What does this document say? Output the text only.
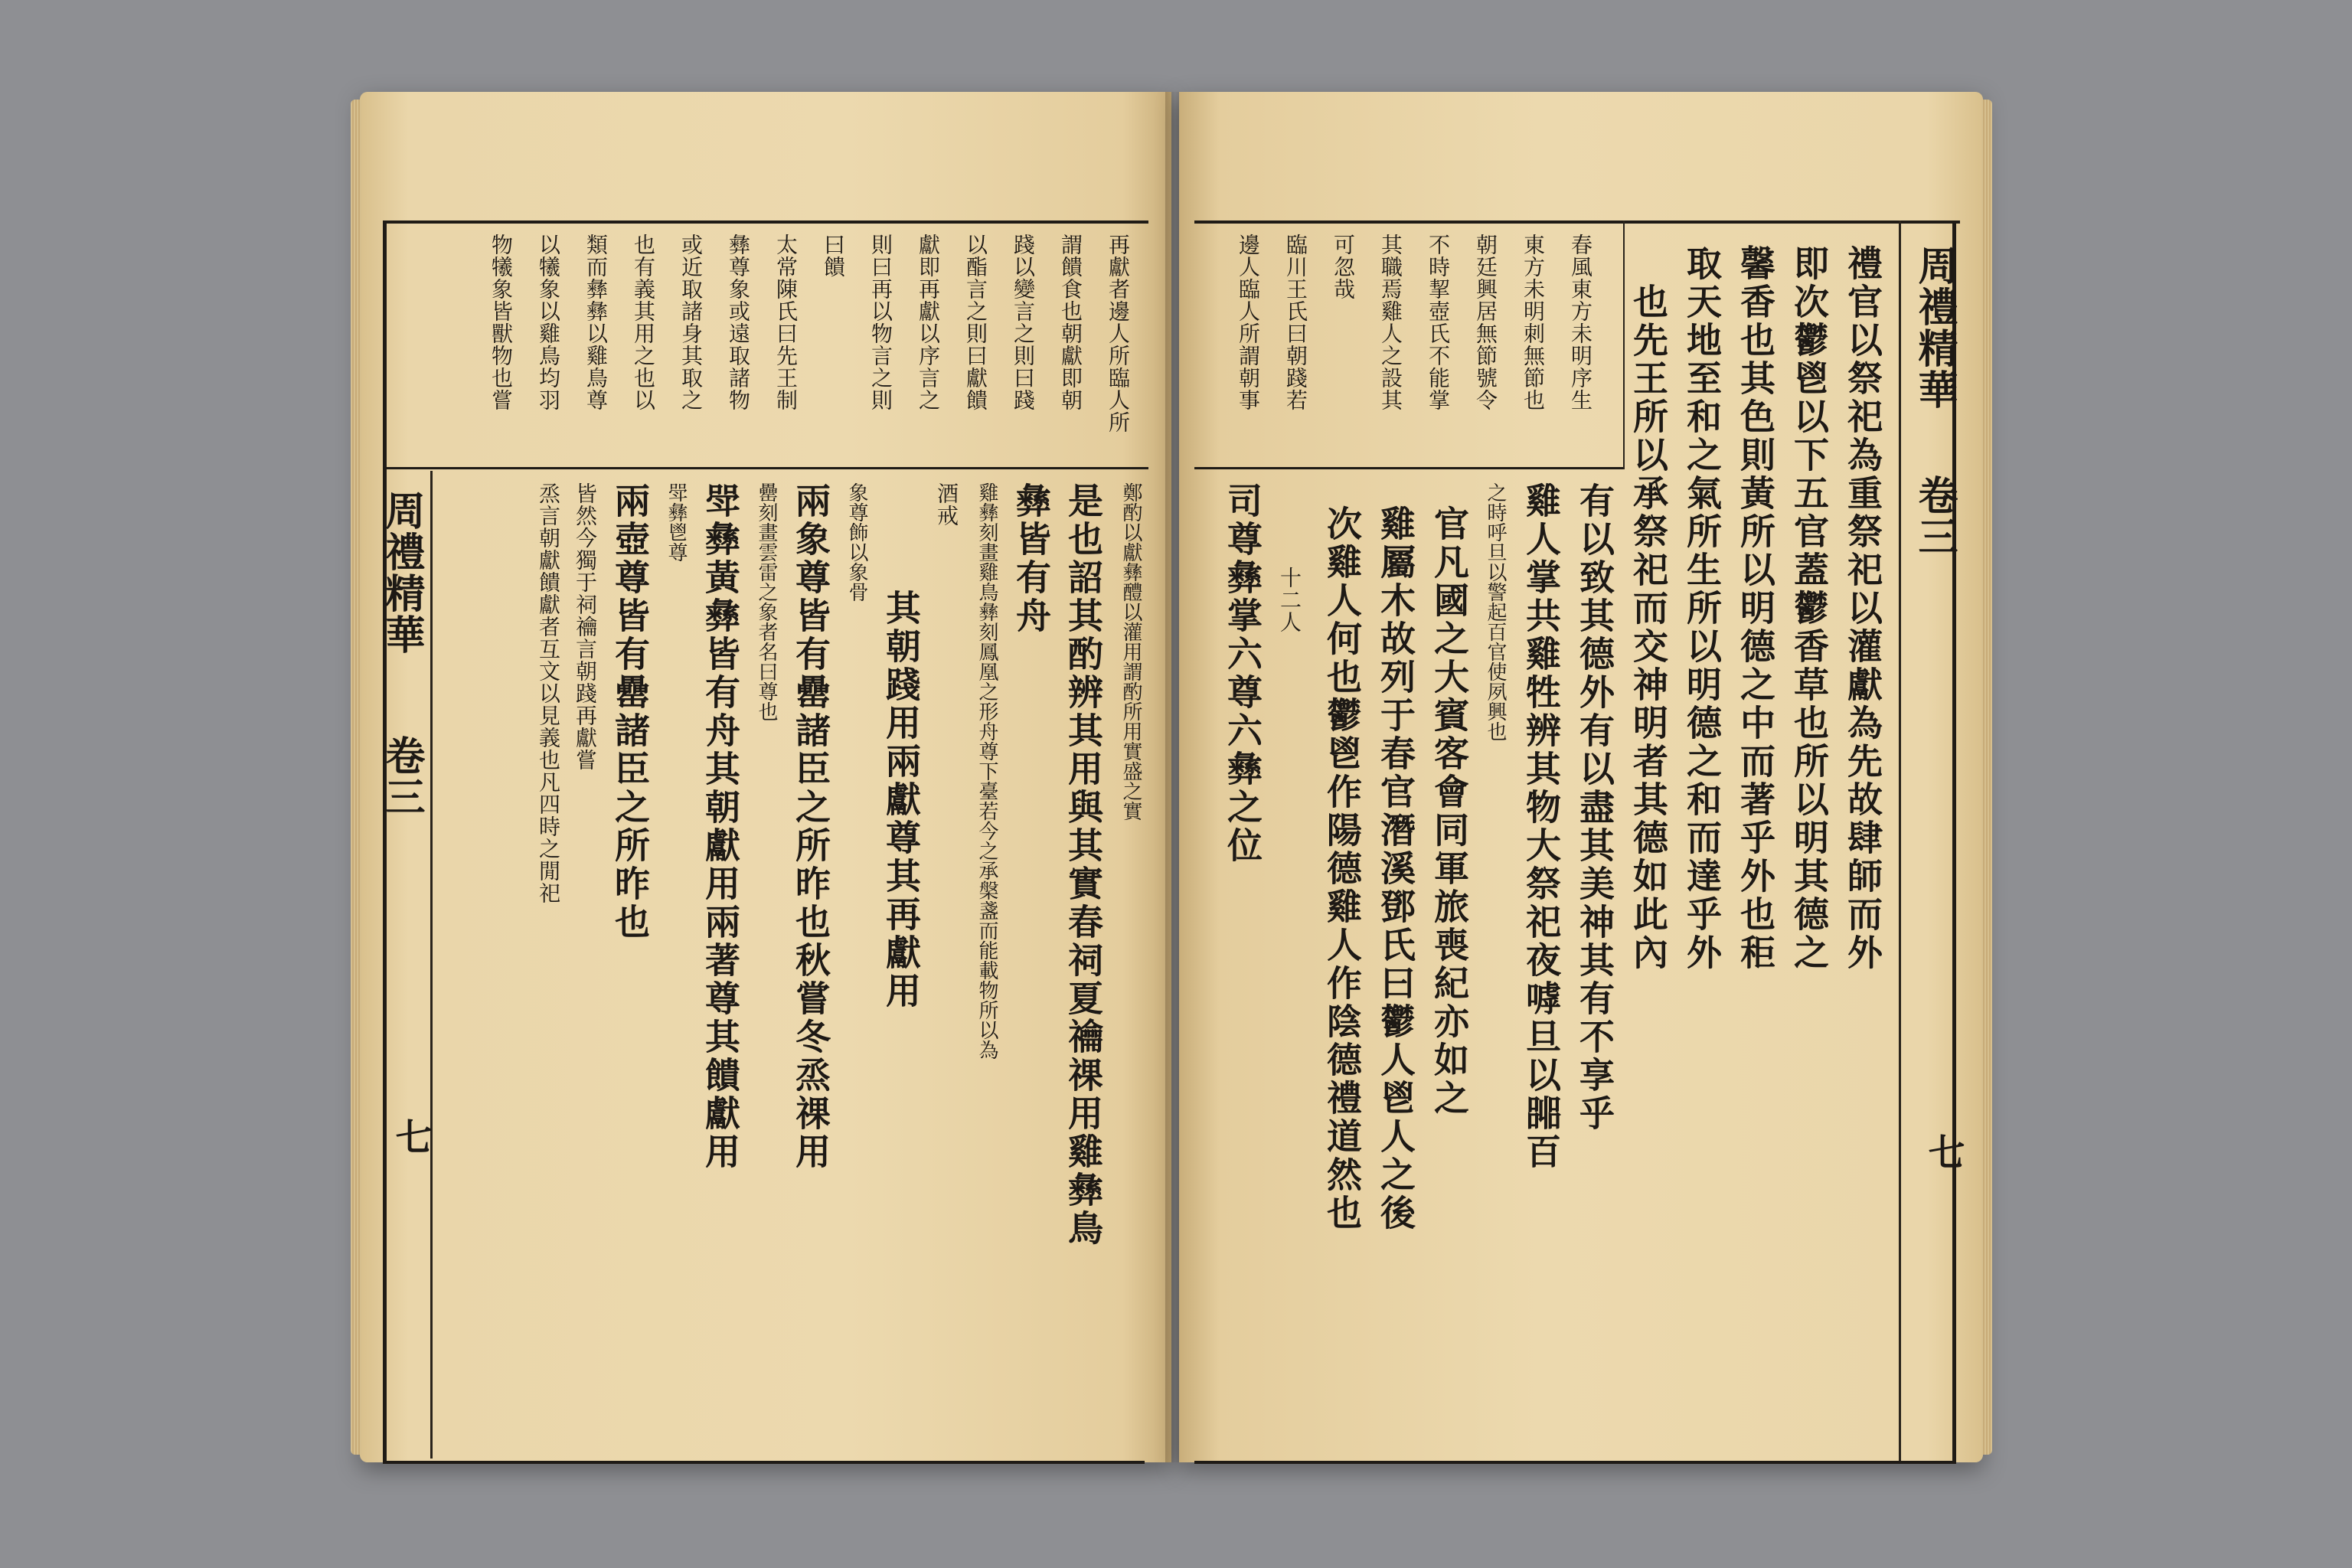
再獻者邊人所臨人所
謂饋食也朝獻即朝
踐以變言之則曰踐
以酯言之則曰獻饋
獻即再獻以序言之
則曰再以物言之則
曰饋
太常陳氏曰先王制
彝尊象或遠取諸物
或近取諸身其取之
也有義其用之也以
類而彝彝以雞鳥尊
以犧象以雞鳥均羽
物犧象皆獸物也嘗
周禮精華
卷三
七
鄭酌以獻彝醴以灌用謂酌所用實盛之實
是也詔其酌辨其用與其實春祠夏禴祼用雞彝鳥
彝皆有舟
雞彝刻畫雞鳥彝刻鳳凰之形舟尊下臺若今之承槃盞而能載物所以為
酒戒
其朝踐用兩獻尊其再獻用
象尊飾以象骨
兩象尊皆有罍諸臣之所昨也秋嘗冬烝祼用
罍刻畫雲雷之象者名曰尊也
斝彝黃彝皆有舟其朝獻用兩著尊其饋獻用
斝彝鬯尊
兩壺尊皆有罍諸臣之所昨也
皆然今獨于祠禴言朝踐再獻嘗
烝言朝獻饋獻者互文以見義也凡四時之閒祀
春風東方未明序生
東方未明刺無節也
朝廷興居無節號令
不時挈壺氏不能掌
其職焉雞人之設其
可忽哉
臨川王氏曰朝踐若
邊人臨人所謂朝事	周禮精華
卷三
七
禮官以祭祀為重祭祀以灌獻為先故肆師而外
即次鬱鬯以下五官蓋鬱香草也所以明其德之
馨香也其色則黃所以明德之中而著乎外也秬
取天地至和之氣所生所以明德之和而達乎外
也先王所以承祭祀而交神明者其德如此內
有以致其德外有以盡其美神其有不享乎
雞人掌共雞牲辨其物大祭祀夜嘑旦以嘂百
之時呼旦以警起百官使夙興也
官凡國之大賓客會同軍旅喪紀亦如之
雞屬木故列于春官潛溪鄧氏曰鬱人鬯人之後
次雞人何也鬱鬯作陽德雞人作陰德禮道然也
十二人
司尊彝掌六尊六彝之位
